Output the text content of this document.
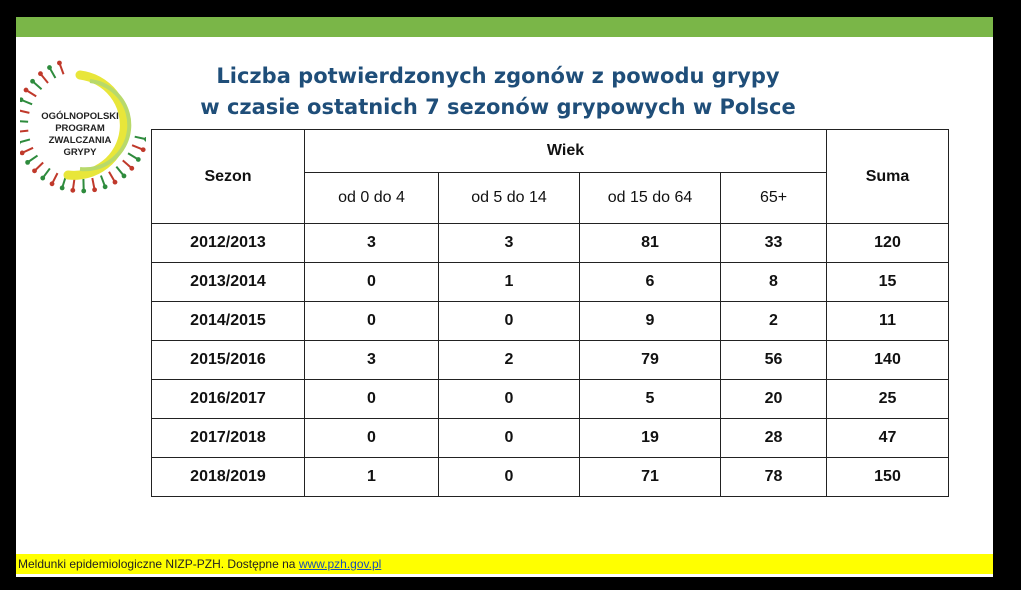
OGÓLNOPOLSKI
PROGRAM
ZWALCZANIA
GRYPY
Liczba potwierdzonych zgonów z powodu grypy
w czasie ostatnich 7 sezonów grypowych w Polsce
Sezon	Wiek				Suma
	od 0 do 4	od 5 do 14	od 15 do 64	65+	
2012/2013	3	3	81	33	120
2013/2014	0	1	6	8	15
2014/2015	0	0	9	2	11
2015/2016	3	2	79	56	140
2016/2017	0	0	5	20	25
2017/2018	0	0	19	28	47
2018/2019	1	0	71	78	150
Meldunki epidemiologiczne NIZP-PZH. Dostępne na www.pzh.gov.pl
